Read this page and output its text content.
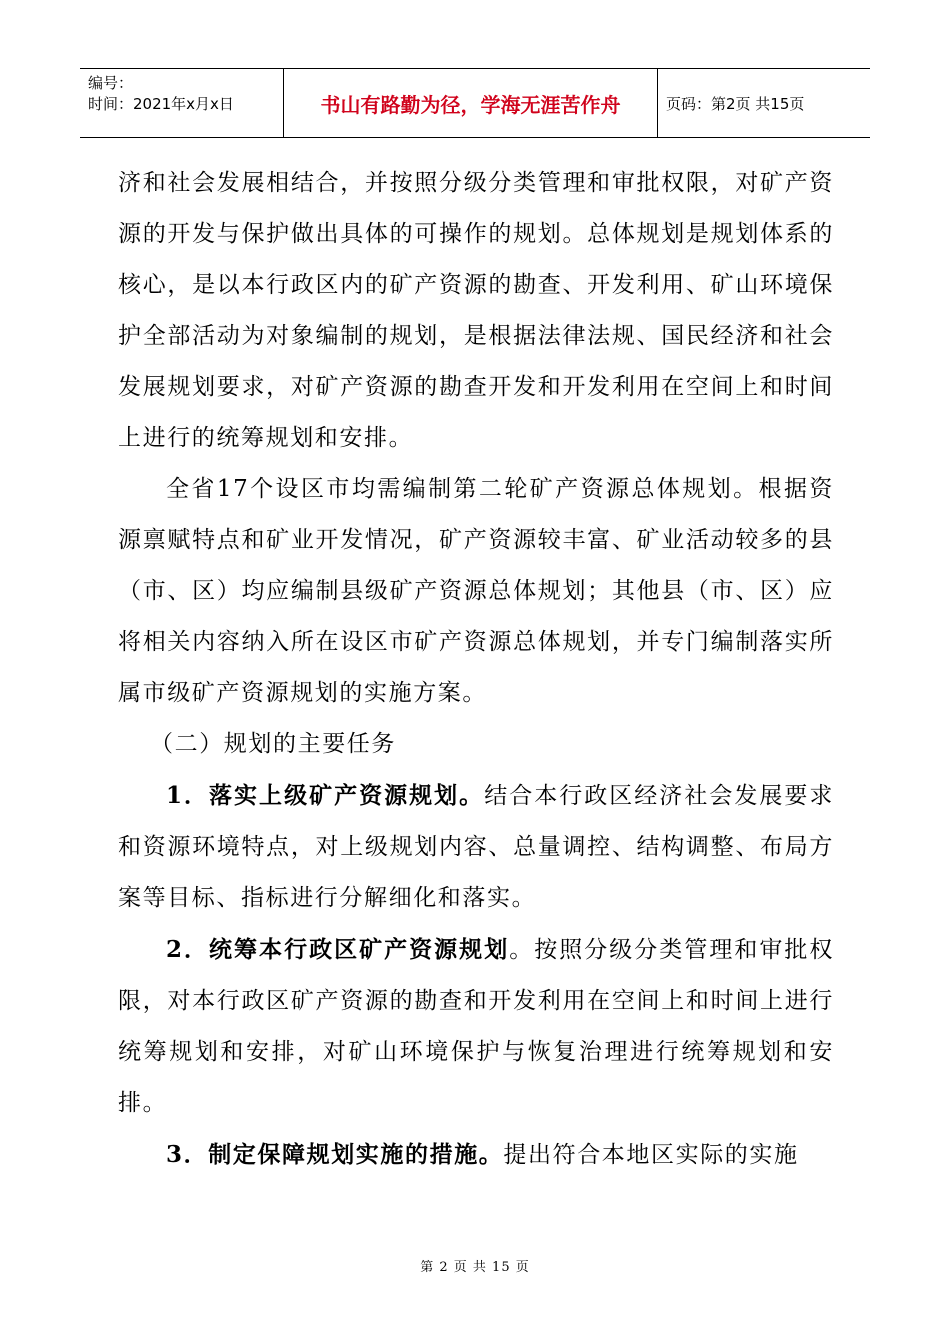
编号：
时间：2021年x月x日	书山有路勤为径，学海无涯苦作舟	页码：第2页 共15页

济和社会发展相结合，并按照分级分类管理和审批权限，对矿产资源的开发与保护做出具体的可操作的规划。总体规划是规划体系的核心，是以本行政区内的矿产资源的勘查、开发利用、矿山环境保护全部活动为对象编制的规划，是根据法律法规、国民经济和社会发展规划要求，对矿产资源的勘查开发和开发利用在空间上和时间上进行的统筹规划和安排。

全省17个设区市均需编制第二轮矿产资源总体规划。根据资源禀赋特点和矿业开发情况，矿产资源较丰富、矿业活动较多的县（市、区）均应编制县级矿产资源总体规划；其他县（市、区）应将相关内容纳入所在设区市矿产资源总体规划，并专门编制落实所属市级矿产资源规划的实施方案。

（二）规划的主要任务

1．落实上级矿产资源规划。结合本行政区经济社会发展要求和资源环境特点，对上级规划内容、总量调控、结构调整、布局方案等目标、指标进行分解细化和落实。

2．统筹本行政区矿产资源规划。按照分级分类管理和审批权限，对本行政区矿产资源的勘查和开发利用在空间上和时间上进行统筹规划和安排，对矿山环境保护与恢复治理进行统筹规划和安排。

3．制定保障规划实施的措施。提出符合本地区实际的实施

第 2 页 共 15 页
